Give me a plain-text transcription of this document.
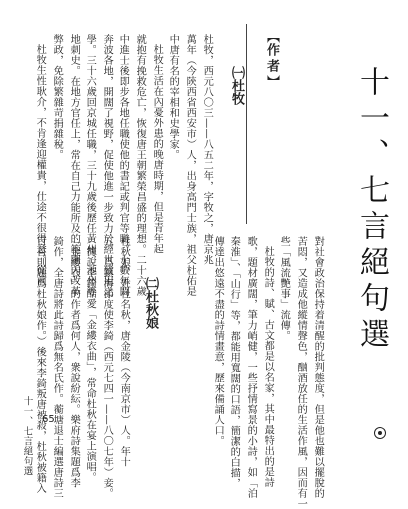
十一、七言絕句選
【作者】
㈠杜牧
㈡杜秋娘
杜牧，西元八〇三——八五二年，字牧之，唐京兆
萬年（今陝西省西安市）人，出身高門士族，祖父杜佑是
中唐有名的宰相和史學家。
杜牧生活在內憂外患的晚唐時期，但是青年起
就抱有挽救危亡，恢復唐王朝繁榮昌盛的理想。二十六歲
中進士後即步各地任職使他的書記或判官等職。十數年間
奔波各地，開闊了視野，促使他進一步致力於經世致用之
學。三十六歲回京城任職，三十九歲後歷任黃州、池州等
地刺史。在地方官任上，常在自己力能所及的範圍內改革
弊政，免除繁雜苛捐雜稅。
杜牧生性耿介，不肯逢迎權貴，仕途不很得意。從前
對社會政治保持着清醒的批判態度，但是他也難以擺脫的
苦悶，又造成他縱情聲色，酗酒放任的生活作風，因而有一
些「風流艷事」流傳。
杜牧的詩、賦、古文都是以名家，其中最特出的是詩
歌，題材廣闊，筆力峭健，一些抒情寫景的小詩，如「泊
秦淮」、「山行」等，都能用寬闊的口語，簡潔的白描，
傳達出悠遠不盡的詩情畫意，歷來備誦人口。
杜秋娘，姓杜名秋，唐金陵（今南京市）人。年十
五，爲鎮海節度使李錡（西元七四一——八〇七年）妾。
據說李錡酷愛「金縷衣曲」，常命杜秋在宴上演唱。
「金縷衣」的作者爲何人，衆說紛紜。樂府詩集題爲李
錡作，全唐詩將此詩歸爲無名氏作。蘅塘退士編選唐詩三
百首則題爲杜秋娘作。）後來李錡叛唐被殺，杜秋被籍入
十一、七言絕句選 65
